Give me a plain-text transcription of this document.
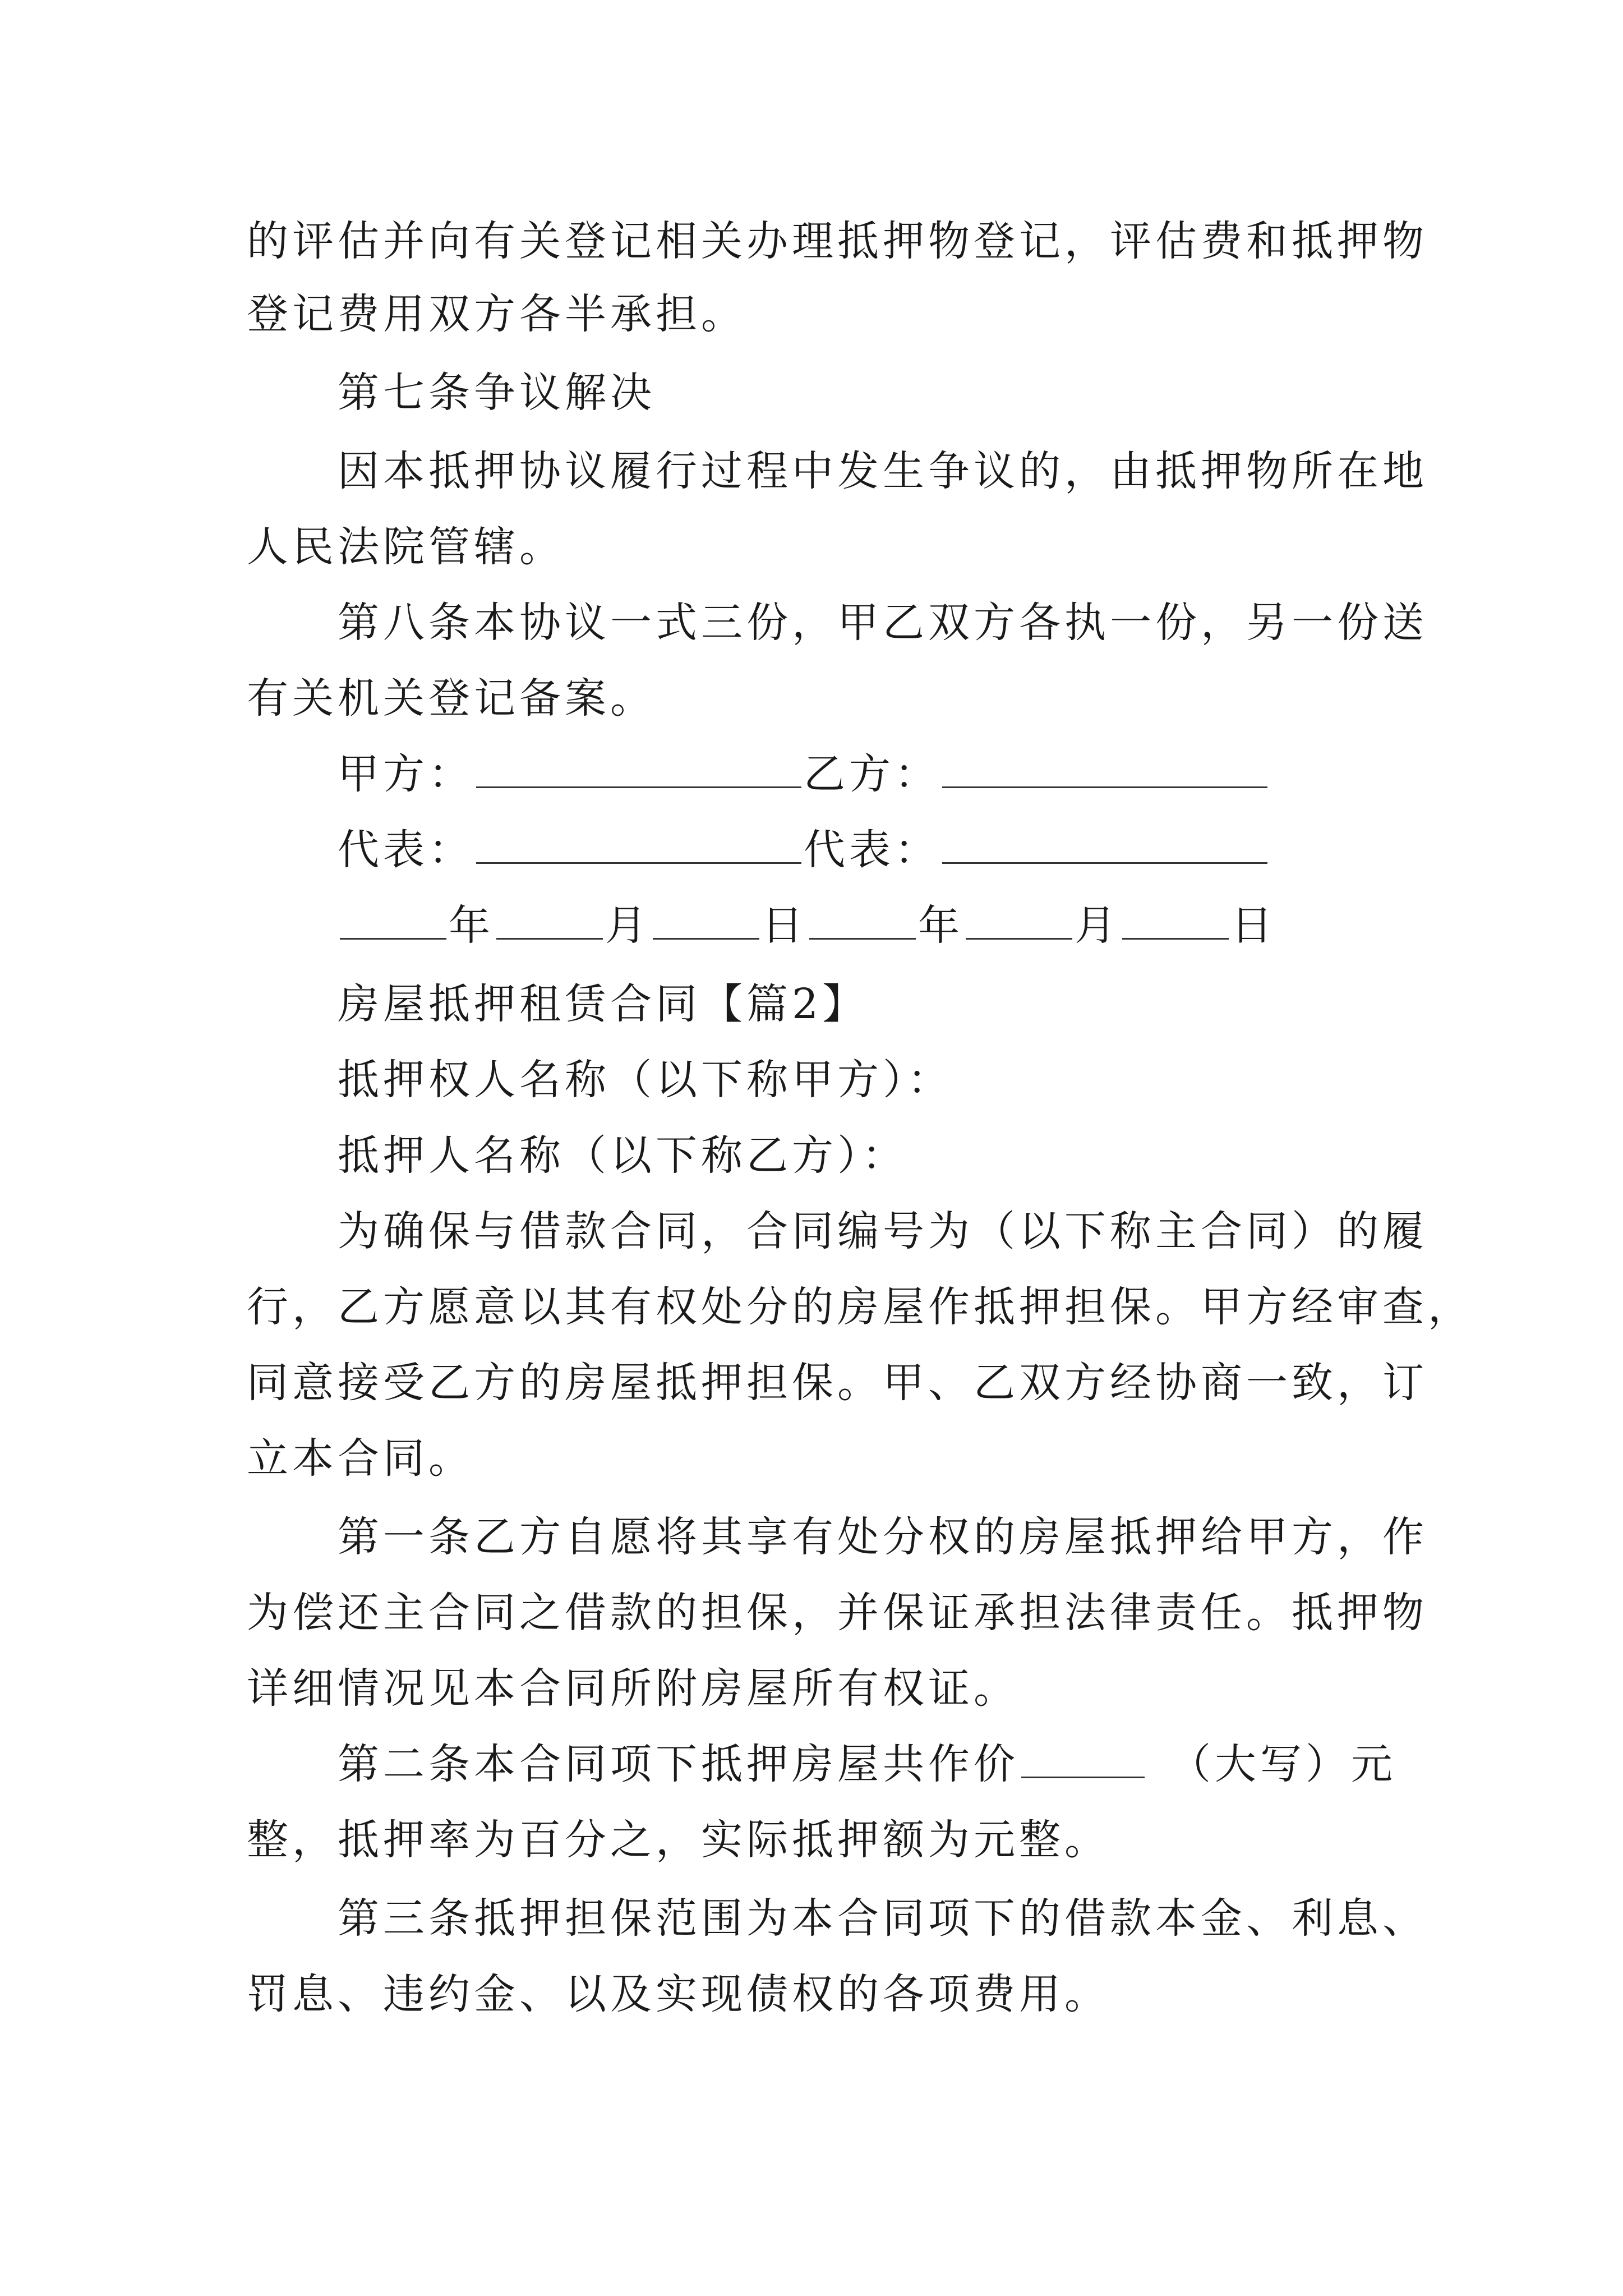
的评估并向有关登记相关办理抵押物登记，评估费和抵押物
登记费用双方各半承担。
第七条争议解决
因本抵押协议履行过程中发生争议的，由抵押物所在地
人民法院管辖。
第八条本协议一式三份，甲乙双方各执一份，另一份送
有关机关登记备案。
甲方：	乙方：
代表：	代表：
年	月	日	年	月	日
房屋抵押租赁合同【篇2】
抵押权人名称（以下称甲方）：
抵押人名称（以下称乙方）：
为确保与借款合同，合同编号为（以下称主合同）的履
行，乙方愿意以其有权处分的房屋作抵押担保。甲方经审查，
同意接受乙方的房屋抵押担保。甲、乙双方经协商一致，订
立本合同。
第一条乙方自愿将其享有处分权的房屋抵押给甲方，作
为偿还主合同之借款的担保，并保证承担法律责任。抵押物
详细情况见本合同所附房屋所有权证。
第二条本合同项下抵押房屋共作价	（大写）元
整，抵押率为百分之，实际抵押额为元整。
第三条抵押担保范围为本合同项下的借款本金、利息、
罚息、违约金、以及实现债权的各项费用。
